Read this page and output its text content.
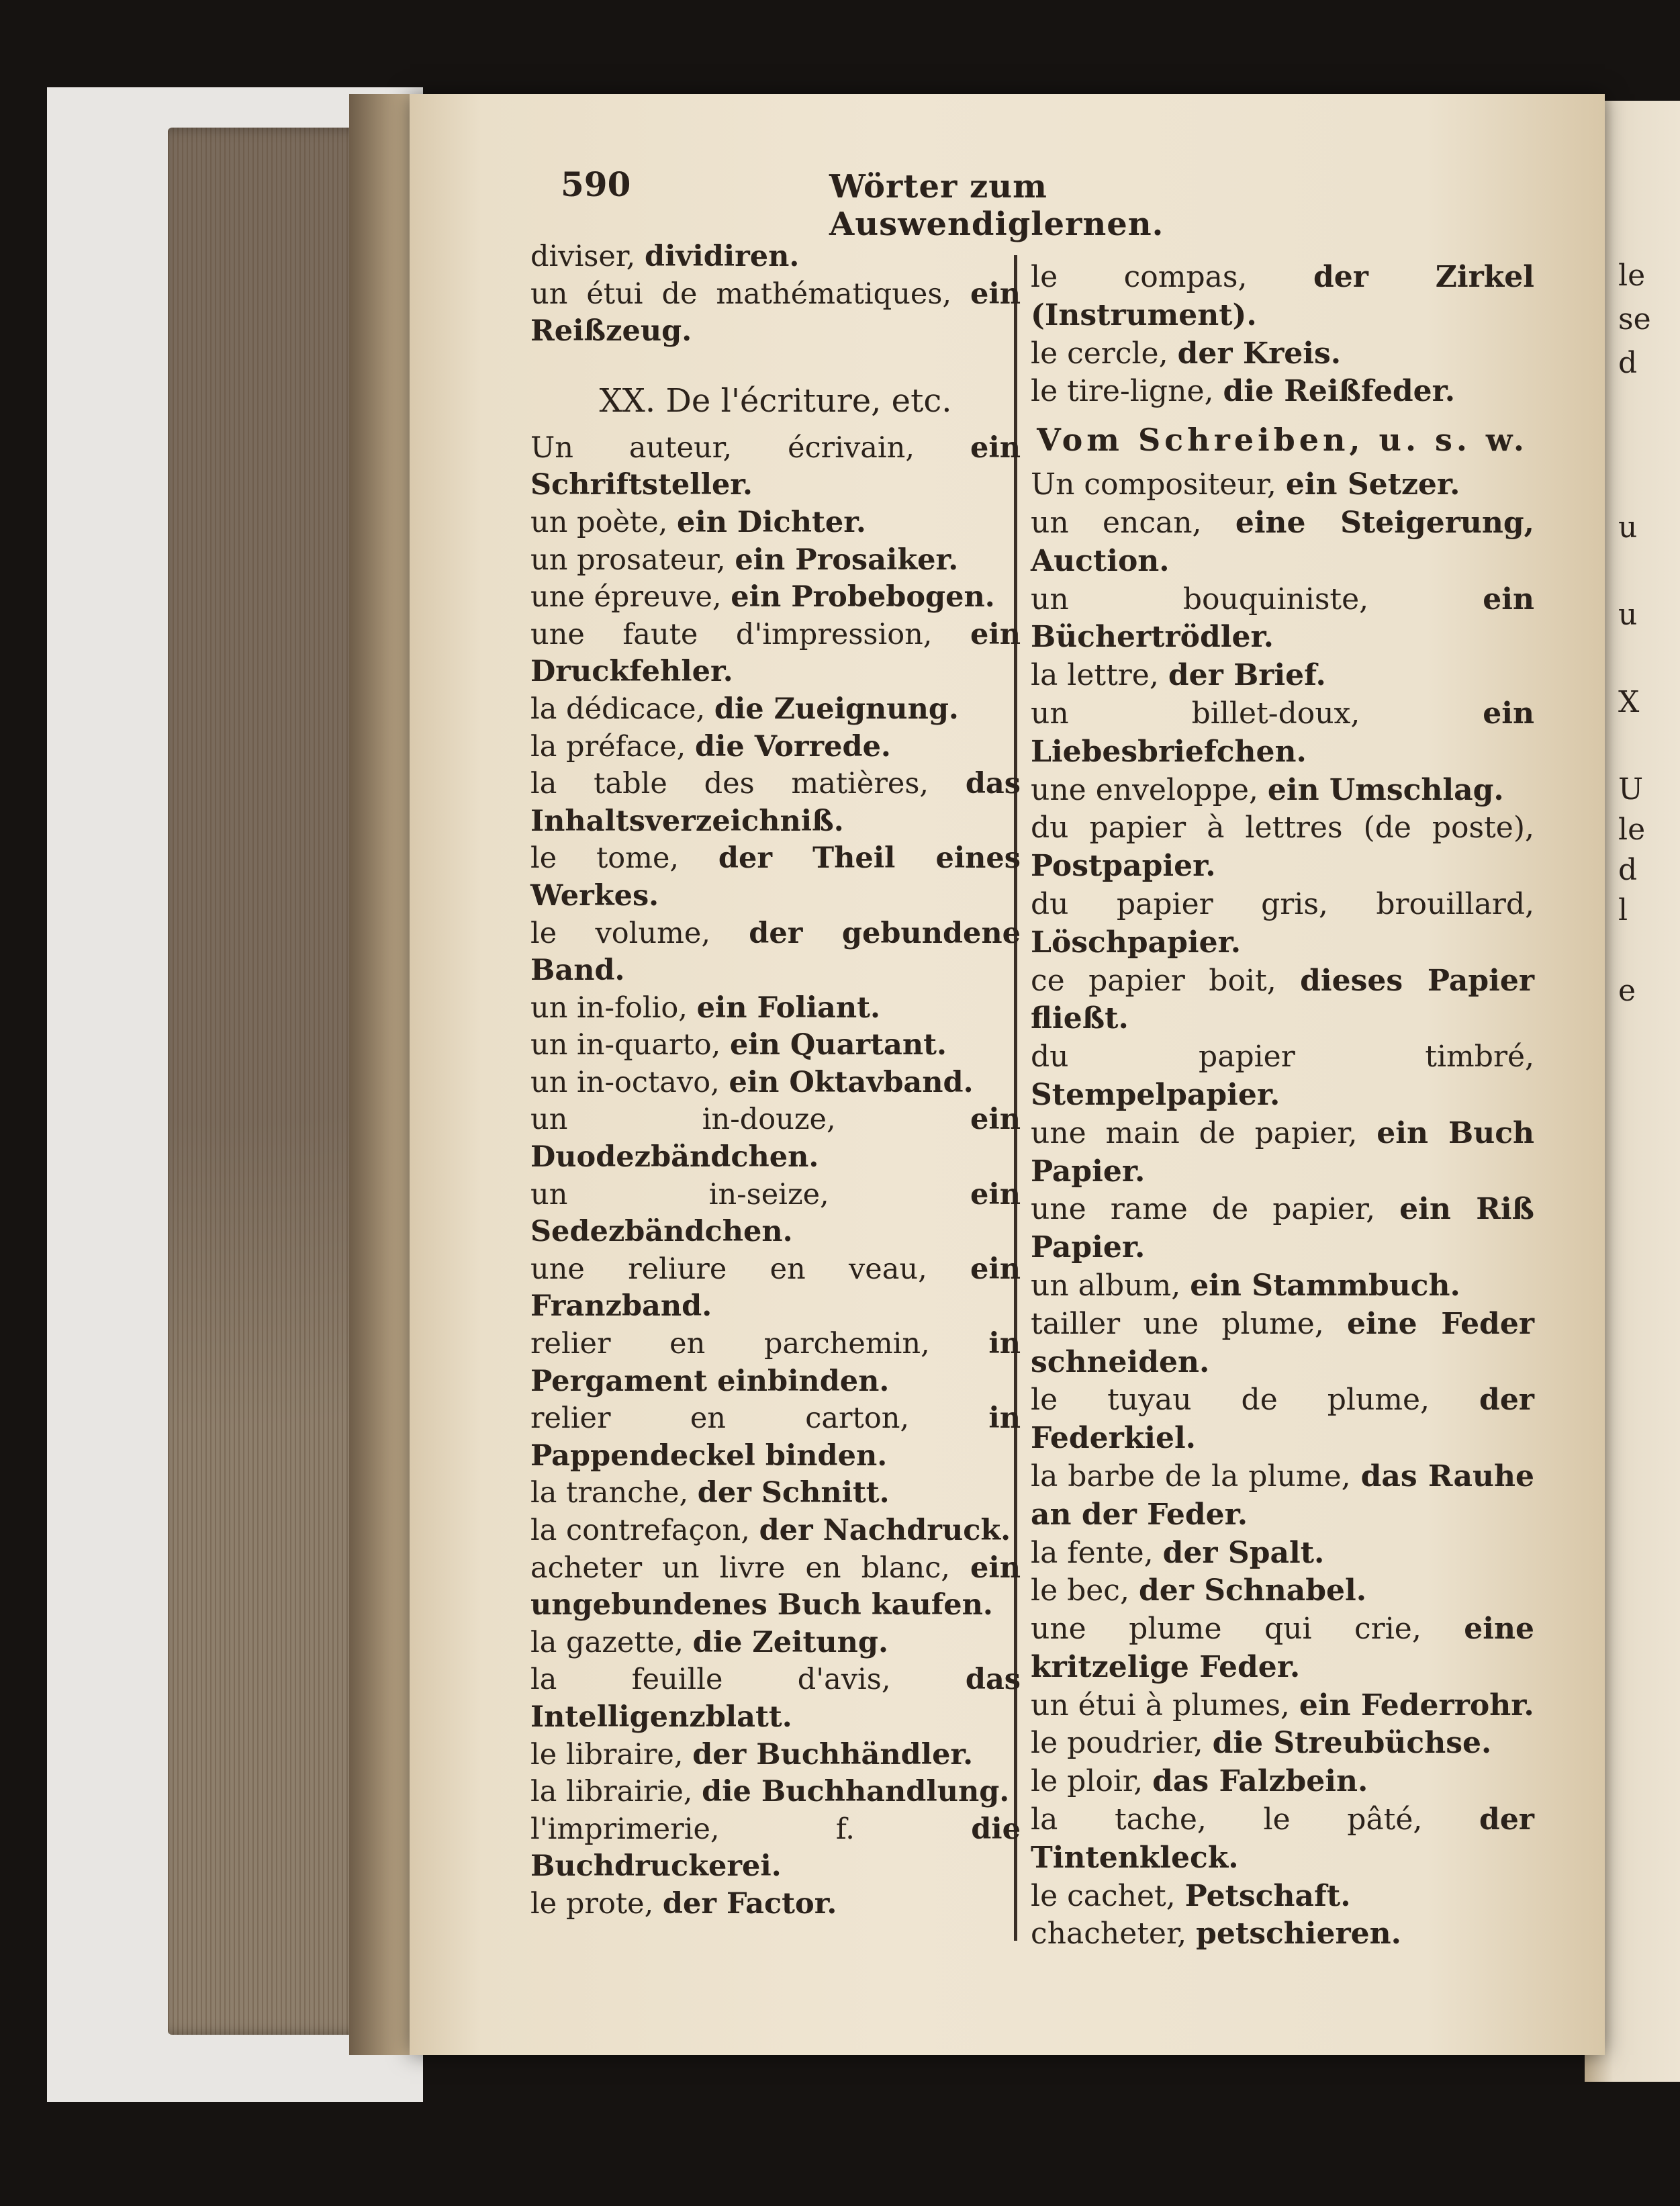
le
se
d
u
u
X
U
le
d
l
e
590	Wörter zum Auswendiglernen.

diviser, dividiren.

un étui de mathématiques, ein Reißzeug.

XX. De l'écriture, etc.

Un auteur, écrivain, ein Schriftsteller.

un poète, ein Dichter.

un prosateur, ein Prosaiker.

une épreuve, ein Probebogen.

une faute d'impression, ein Druckfehler.

la dédicace, die Zueignung.

la préface, die Vorrede.

la table des matières, das Inhaltsverzeichniß.

le tome, der Theil eines Werkes.

le volume, der gebundene Band.

un in-folio, ein Foliant.

un in-quarto, ein Quartant.

un in-octavo, ein Oktavband.

un in-douze,	ein Duodezbändchen.

un in-seize,	ein Sedezbändchen.

une reliure en veau, ein Franzband.

relier en parchemin, in Pergament einbinden.

relier en carton,	in Pappendeckel binden.

la tranche, der Schnitt.

la contrefaçon, der Nachdruck.

acheter un livre en blanc, ein ungebundenes Buch kaufen.

la gazette, die Zeitung.

la feuille d'avis,	das Intelligenzblatt.

le libraire, der Buchhändler.

la librairie, die Buchhandlung.

l'imprimerie, f.	die Buchdruckerei.

le prote, der Factor.

le compas, der Zirkel (Instrument).

le cercle, der Kreis.

le tire-ligne, die Reißfeder.

Vom Schreiben, u. s. w.

Un compositeur, ein Setzer.

un encan, eine Steigerung, Auction.

un bouquiniste,	ein Büchertrödler.

la lettre, der Brief.

un billet-doux,	ein Liebesbriefchen.

une enveloppe, ein Umschlag.

du papier à lettres (de poste), Postpapier.

du papier gris, brouillard, Löschpapier.

ce papier boit, dieses Papier fließt.

du papier timbré, Stempelpapier.

une main de papier, ein Buch Papier.

une rame de papier, ein Riß Papier.

un album, ein Stammbuch.

tailler une plume, eine Feder schneiden.

le tuyau de plume, der Federkiel.

la barbe de la plume, das Rauhe an der Feder.

la fente, der Spalt.

le bec, der Schnabel.

une plume qui crie, eine kritzelige Feder.

un étui à plumes, ein Federrohr.

le poudrier, die Streubüchse.

le ploir, das Falzbein.

la tache, le pâté, der Tintenkleck.

le cachet, Petschaft.

chacheter, petschieren.
